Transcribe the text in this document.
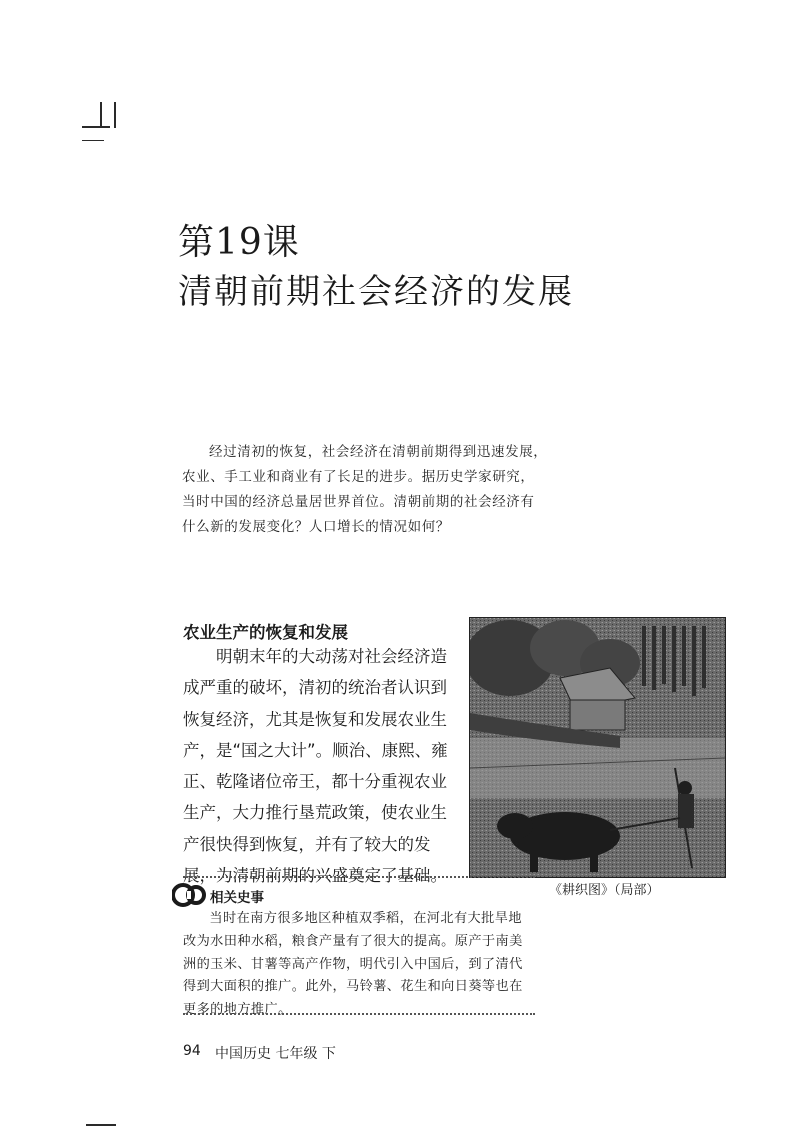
第19课
清朝前期社会经济的发展
经过清初的恢复，社会经济在清朝前期得到迅速发展，农业、手工业和商业有了长足的进步。据历史学家研究，当时中国的经济总量居世界首位。清朝前期的社会经济有什么新的发展变化？人口增长的情况如何？
农业生产的恢复和发展
明朝末年的大动荡对社会经济造成严重的破坏，清初的统治者认识到恢复经济，尤其是恢复和发展农业生产，是“国之大计”。顺治、康熙、雍正、乾隆诸位帝王，都十分重视农业生产，大力推行垦荒政策，使农业生产很快得到恢复，并有了较大的发展，为清朝前期的兴盛奠定了基础。
《耕织图》（局部）
相关史事
当时在南方很多地区种植双季稻，在河北有大批旱地改为水田种水稻，粮食产量有了很大的提高。原产于南美洲的玉米、甘薯等高产作物，明代引入中国后，到了清代得到大面积的推广。此外，马铃薯、花生和向日葵等也在更多的地方推广。
94 中国历史 七年级 下
